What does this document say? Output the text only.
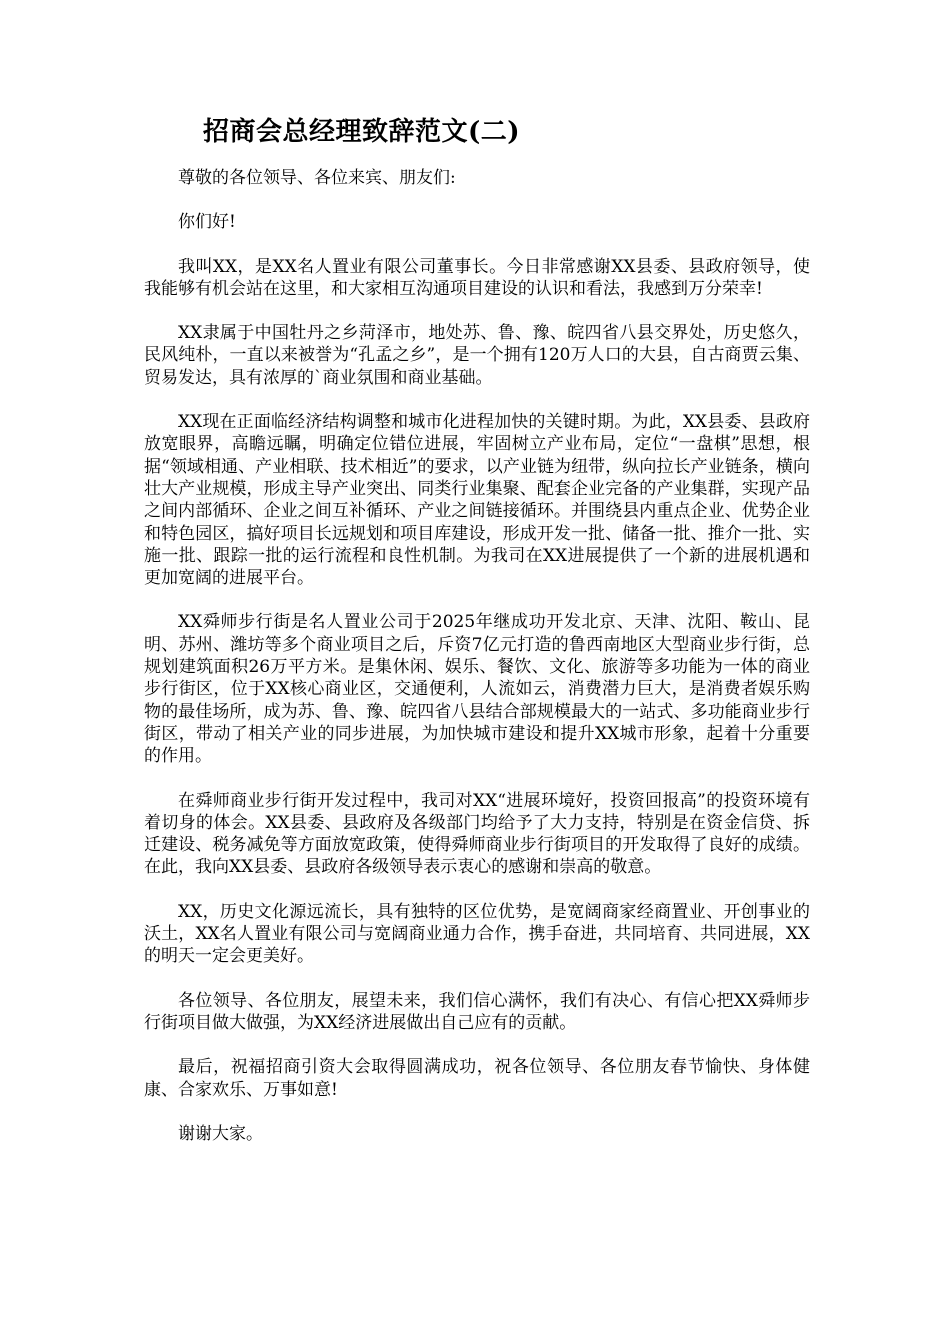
招商会总经理致辞范文(二)

尊敬的各位领导、各位来宾、朋友们:

你们好!

我叫XX，是XX名人置业有限公司董事长。今日非常感谢XX县委、县政府领导，使我能够有机会站在这里，和大家相互沟通项目建设的认识和看法，我感到万分荣幸!

XX隶属于中国牡丹之乡菏泽市，地处苏、鲁、豫、皖四省八县交界处，历史悠久，民风纯朴，一直以来被誉为“孔孟之乡”，是一个拥有120万人口的大县，自古商贾云集、贸易发达，具有浓厚的`商业氛围和商业基础。

XX现在正面临经济结构调整和城市化进程加快的关键时期。为此，XX县委、县政府放宽眼界，高瞻远瞩，明确定位错位进展，牢固树立产业布局，定位“一盘棋”思想，根据“领域相通、产业相联、技术相近”的要求，以产业链为纽带，纵向拉长产业链条，横向壮大产业规模，形成主导产业突出、同类行业集聚、配套企业完备的产业集群，实现产品之间内部循环、企业之间互补循环、产业之间链接循环。并围绕县内重点企业、优势企业和特色园区，搞好项目长远规划和项目库建设，形成开发一批、储备一批、推介一批、实施一批、跟踪一批的运行流程和良性机制。为我司在XX进展提供了一个新的进展机遇和更加宽阔的进展平台。

XX舜师步行街是名人置业公司于2025年继成功开发北京、天津、沈阳、鞍山、昆明、苏州、潍坊等多个商业项目之后，斥资7亿元打造的鲁西南地区大型商业步行街，总规划建筑面积26万平方米。是集休闲、娱乐、餐饮、文化、旅游等多功能为一体的商业步行街区，位于XX核心商业区，交通便利，人流如云，消费潜力巨大，是消费者娱乐购物的最佳场所，成为苏、鲁、豫、皖四省八县结合部规模最大的一站式、多功能商业步行街区，带动了相关产业的同步进展，为加快城市建设和提升XX城市形象，起着十分重要的作用。

在舜师商业步行街开发过程中，我司对XX“进展环境好，投资回报高”的投资环境有着切身的体会。XX县委、县政府及各级部门均给予了大力支持，特别是在资金信贷、拆迁建设、税务减免等方面放宽政策，使得舜师商业步行街项目的开发取得了良好的成绩。在此，我向XX县委、县政府各级领导表示衷心的感谢和崇高的敬意。

XX，历史文化源远流长，具有独特的区位优势，是宽阔商家经商置业、开创事业的沃土，XX名人置业有限公司与宽阔商业通力合作，携手奋进，共同培育、共同进展，XX的明天一定会更美好。

各位领导、各位朋友，展望未来，我们信心满怀，我们有决心、有信心把XX舜师步行街项目做大做强，为XX经济进展做出自己应有的贡献。

最后，祝福招商引资大会取得圆满成功，祝各位领导、各位朋友春节愉快、身体健康、合家欢乐、万事如意!

谢谢大家。
